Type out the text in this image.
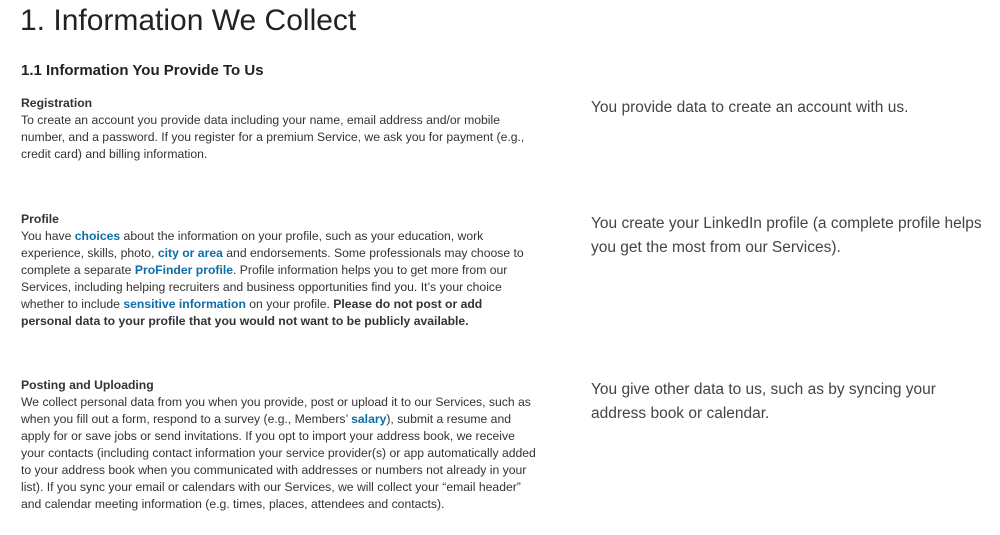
1. Information We Collect
1.1 Information You Provide To Us

Registration

To create an account you provide data including your name, email address and/or mobile number, and a password. If you register for a premium Service, we ask you for payment (e.g., credit card) and billing information.

You provide data to create an account with us.

Profile

You have choices about the information on your profile, such as your education, work experience, skills, photo, city or area and endorsements. Some professionals may choose to complete a separate ProFinder profile. Profile information helps you to get more from our Services, including helping recruiters and business opportunities find you. It’s your choice whether to include sensitive information on your profile. Please do not post or add personal data to your profile that you would not want to be publicly available.

You create your LinkedIn profile (a complete profile helps you get the most from our Services).

Posting and Uploading

We collect personal data from you when you provide, post or upload it to our Services, such as when you fill out a form, respond to a survey (e.g., Members’ salary), submit a resume and apply for or save jobs or send invitations. If you opt to import your address book, we receive your contacts (including contact information your service provider(s) or app automatically added to your address book when you communicated with addresses or numbers not already in your list). If you sync your email or calendars with our Services, we will collect your “email header” and calendar meeting information (e.g. times, places, attendees and contacts).

You give other data to us, such as by syncing your address book or calendar.
